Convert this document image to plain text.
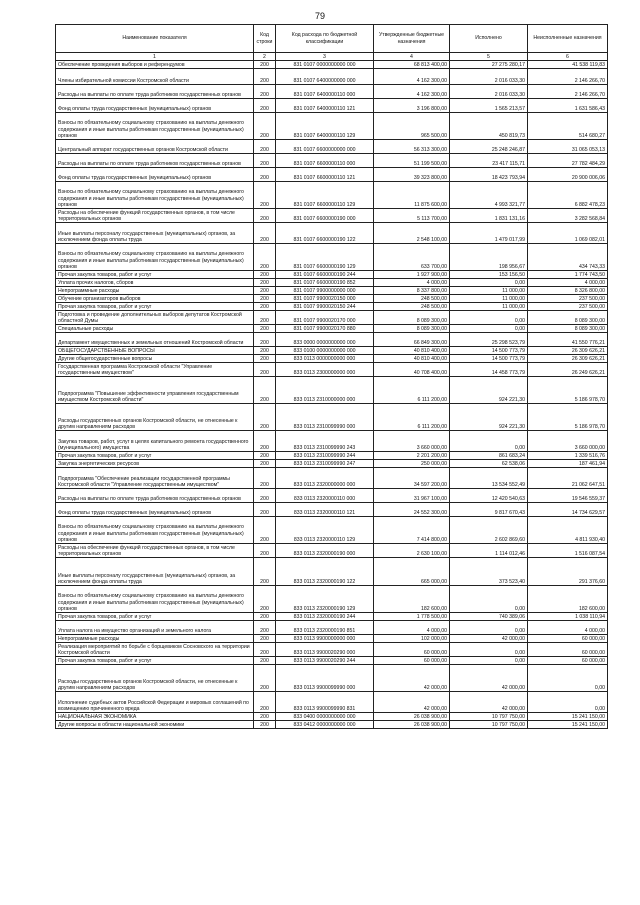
79
Наименование показателя	Код строки	Код расхода по бюджетной классификации	Утвержденные бюджетные назначения	Исполнено	Неисполненные назначения
1	2	3	4	5	6
Обеспечение проведения выборов и референдумов	200	831 0107 0000000000 000	68 813 400,00	27 275 280,17	41 538 119,83
Члены избирательной комиссии Костромской области	200	831 0107 6400000000 000	4 162 300,00	2 016 033,30	2 146 266,70
Расходы на выплаты по оплате труда работников государственных органов	200	831 0107 6400000110 000	4 162 300,00	2 016 033,30	2 146 266,70
Фонд оплаты труда государственных (муниципальных) органов	200	831 0107 6400000110 121	3 196 800,00	1 565 213,57	1 631 586,43
Взносы по обязательному социальному страхованию на выплаты денежного содержания и иные выплаты работникам государственных (муниципальных) органов	200	831 0107 6400000110 129	965 500,00	450 819,73	514 680,27
Центральный аппарат государственных органов Костромской области	200	831 0107 6600000000 000	56 313 300,00	25 248 246,87	31 065 053,13
Расходы на выплаты по оплате труда работников государственных органов	200	831 0107 6600000110 000	51 199 500,00	23 417 115,71	27 782 484,29
Фонд оплаты труда государственных (муниципальных) органов	200	831 0107 6600000110 121	39 323 800,00	18 423 793,94	20 900 006,06
Взносы по обязательному социальному страхованию на выплаты денежного содержания и иные выплаты работникам государственных (муниципальных) органов	200	831 0107 6600000110 129	11 875 600,00	4 993 321,77	6 882 478,23
Расходы на обеспечение функций государственных органов, в том числе территориальных органов	200	831 0107 6600000190 000	5 113 700,00	1 831 131,16	3 282 568,84
Иные выплаты персоналу государственных (муниципальных) органов, за исключением фонда оплаты труда	200	831 0107 6600000190 122	2 548 100,00	1 479 017,99	1 069 082,01
Взносы по обязательному социальному страхованию на выплаты денежного содержания и иные выплаты работникам государственных (муниципальных) органов	200	831 0107 6600000190 129	633 700,00	198 956,67	434 743,33
Прочая закупка товаров, работ и услуг	200	831 0107 6600000190 244	1 927 900,00	153 156,50	1 774 743,50
Уплата прочих налогов, сборов	200	831 0107 6600000190 852	4 000,00	0,00	4 000,00
Непрограммные расходы	200	831 0107 9900000000 000	8 337 800,00	11 000,00	8 326 800,00
Обучение организаторов выборов	200	831 0107 9900020150 000	248 500,00	11 000,00	237 500,00
Прочая закупка товаров, работ и услуг	200	831 0107 9900020150 244	248 500,00	11 000,00	237 500,00
Подготовка и проведение дополнительных выборов депутатов Костромской областной Думы	200	831 0107 9900020170 000	8 089 300,00	0,00	8 089 300,00
Специальные расходы	200	831 0107 9900020170 880	8 089 300,00	0,00	8 089 300,00
Департамент имущественных и земельных отношений Костромской области	200	833 0000 0000000000 000	66 849 300,00	25 298 523,79	41 550 776,21
ОБЩЕГОСУДАРСТВЕННЫЕ ВОПРОСЫ	200	833 0100 0000000000 000	40 810 400,00	14 500 773,79	26 309 626,21
Другие общегосударственные вопросы	200	833 0113 0000000000 000	40 810 400,00	14 500 773,79	26 309 626,21
Государственная программа Костромской области "Управление государственным имуществом"	200	833 0113 2300000000 000	40 708 400,00	14 458 773,79	26 249 626,21
Подпрограмма "Повышение эффективности управления государственным имуществом Костромской области"	200	833 0113 2310000000 000	6 111 200,00	924 221,30	5 186 978,70
Расходы государственных органов Костромской области, не отнесенные к другим направлениям расходов	200	833 0113 2310099990 000	6 111 200,00	924 221,30	5 186 978,70
Закупка товаров, работ, услуг в целях капитального ремонта государственного (муниципального) имущества	200	833 0113 2310099990 243	3 660 000,00	0,00	3 660 000,00
Прочая закупка товаров, работ и услуг	200	833 0113 2310099990 244	2 201 200,00	861 683,24	1 339 516,76
Закупка энергетических ресурсов	200	833 0113 2310099990 247	250 000,00	62 538,06	187 461,94
Подпрограмма "Обеспечение реализации государственной программы Костромской области "Управление государственным имуществом"	200	833 0113 2320000000 000	34 597 200,00	13 534 552,49	21 062 647,51
Расходы на выплаты по оплате труда работников государственных органов	200	833 0113 2320000110 000	31 967 100,00	12 420 540,63	19 546 559,37
Фонд оплаты труда государственных (муниципальных) органов	200	833 0113 2320000110 121	24 552 300,00	9 817 670,43	14 734 629,57
Взносы по обязательному социальному страхованию на выплаты денежного содержания и иные выплаты работникам государственных (муниципальных) органов	200	833 0113 2320000110 129	7 414 800,00	2 602 869,60	4 811 930,40
Расходы на обеспечение функций государственных органов, в том числе территориальных органов	200	833 0113 2320000190 000	2 630 100,00	1 114 012,46	1 516 087,54
Иные выплаты персоналу государственных (муниципальных) органов, за исключением фонда оплаты труда	200	833 0113 2320000190 122	665 000,00	373 523,40	291 376,60
Взносы по обязательному социальному страхованию на выплаты денежного содержания и иные выплаты работникам государственных (муниципальных) органов	200	833 0113 2320000190 129	182 600,00	0,00	182 600,00
Прочая закупка товаров, работ и услуг	200	833 0113 2320000190 244	1 778 500,00	740 389,06	1 038 110,94
Уплата налога на имущество организаций и земельного налога	200	833 0113 2320000190 851	4 000,00	0,00	4 000,00
Непрограммные расходы	200	833 0113 9900000000 000	102 000,00	42 000,00	60 000,00
Реализация мероприятий по борьбе с борщевиком Сосновского на территории Костромской области	200	833 0113 9900020290 000	60 000,00	0,00	60 000,00
Прочая закупка товаров, работ и услуг	200	833 0113 9900020290 244	60 000,00	0,00	60 000,00
Расходы государственных органов Костромской области, не отнесенные к другим направлениям расходов	200	833 0113 9900099990 000	42 000,00	42 000,00	0,00
Исполнение судебных актов Российской Федерации и мировых соглашений по возмещению причиненного вреда	200	833 0113 9900099990 831	42 000,00	42 000,00	0,00
НАЦИОНАЛЬНАЯ ЭКОНОМИКА	200	833 0400 0000000000 000	26 038 900,00	10 797 750,00	15 241 150,00
Другие вопросы в области национальной экономики	200	833 0412 0000000000 000	26 038 900,00	10 797 750,00	15 241 150,00
